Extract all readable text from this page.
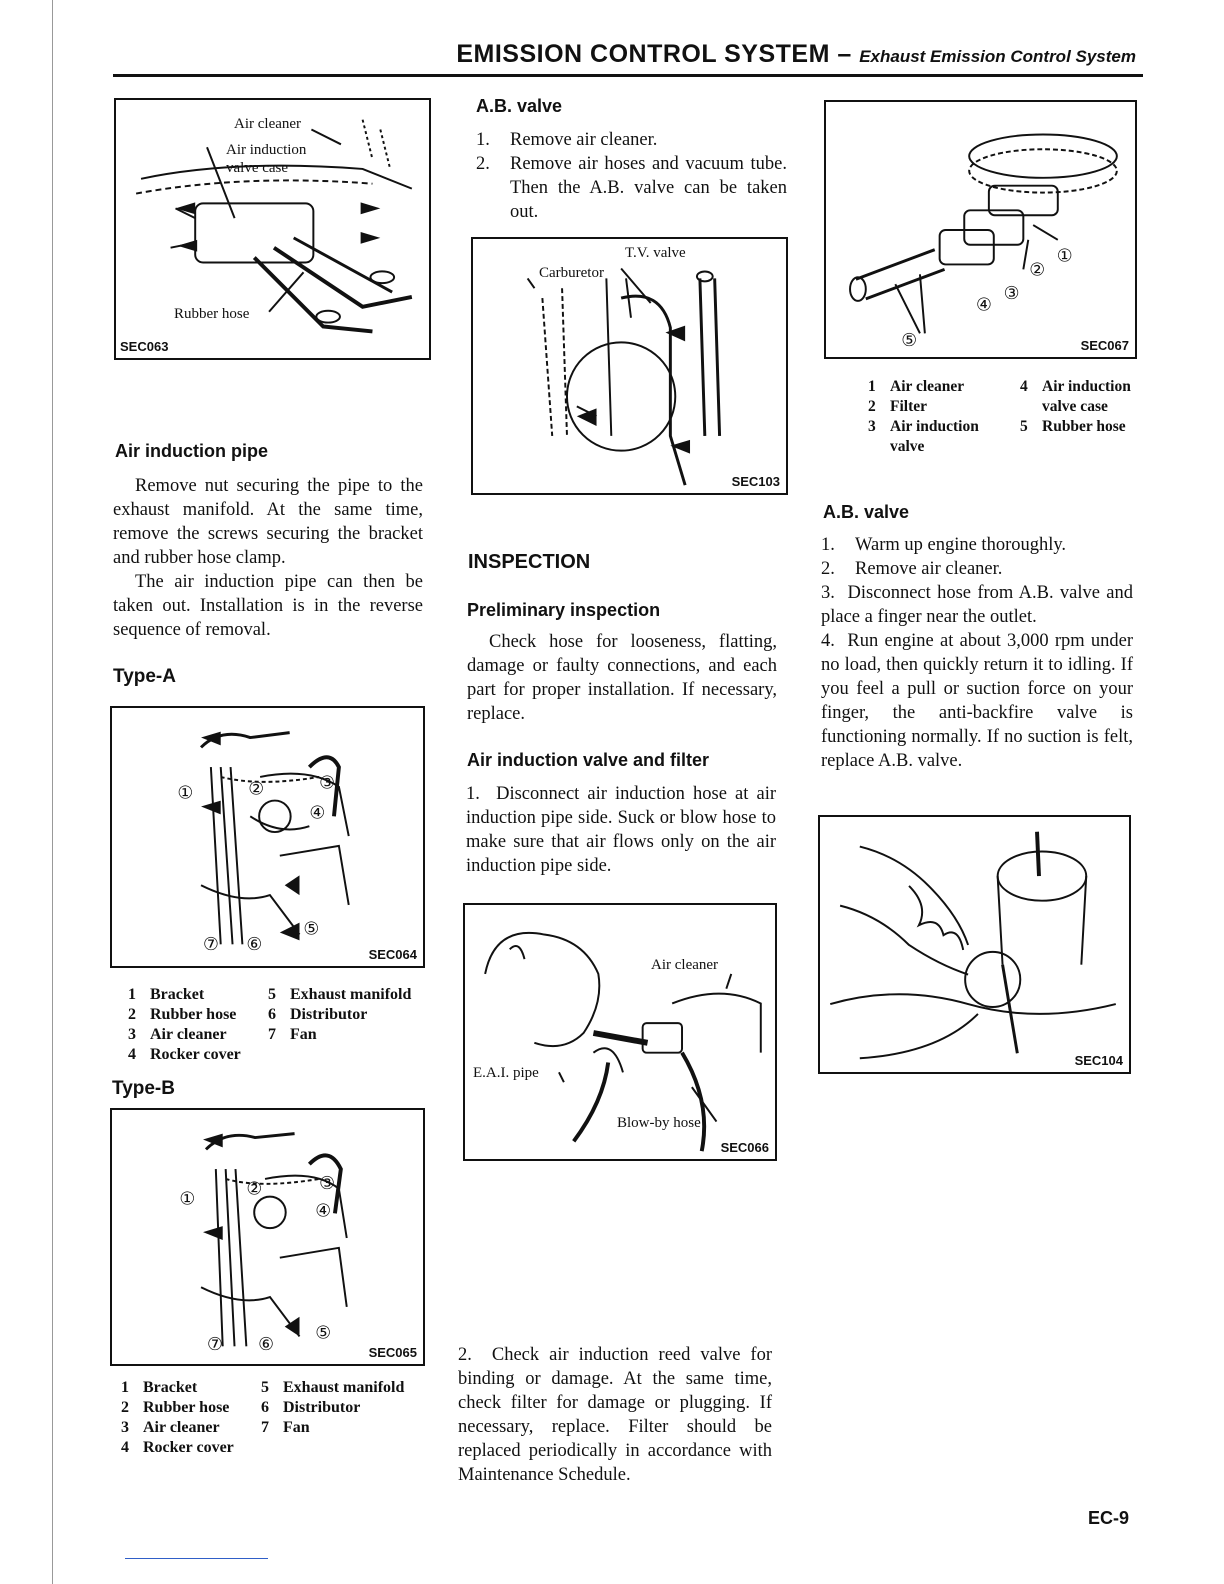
EMISSION CONTROL SYSTEM – Exhaust Emission Control System
Air cleaner
Air induction
valve case
Rubber hose
SEC063
Air induction pipe

Remove nut securing the pipe to the exhaust manifold. At the same time, remove the screws securing the bracket and rubber hose clamp.

The air induction pipe can then be taken out. Installation is in the reverse sequence of removal.

Type-A
①	②	③
④
⑤
⑥
⑦	SEC064
1 Bracket	5 Exhaust manifold
2 Rubber hose	6 Distributor
3 Air cleaner	7 Fan
4 Rocker cover
Type-B
①	②	③
④
⑤
⑥
⑦	SEC065
1 Bracket	5 Exhaust manifold
2 Rubber hose	6 Distributor
3 Air cleaner	7 Fan
4 Rocker cover
A.B. valve
1.	Remove air cleaner.
2.	Remove air hoses and vacuum tube. Then the A.B. valve can be taken out.
T.V. valve
Carburetor
SEC103
INSPECTION
Preliminary inspection

Check hose for looseness, flatting, damage or faulty connections, and each part for proper installation. If necessary, replace.

Air induction valve and filter

1. Disconnect air induction hose at air induction pipe side. Suck or blow hose to make sure that air flows only on the air induction pipe side.

Air cleaner
E.A.I. pipe
Blow-by hose
SEC066

2. Check air induction reed valve for binding or damage. At the same time, check filter for damage or plugging. If necessary, replace. Filter should be replaced periodically in accordance with Maintenance Schedule.

①
②
③
④
⑤	SEC067
1 Air cleaner	4 Air induction
valve case
2 Filter
3 Air induction	5 Rubber hose
valve
A.B. valve
1.	Warm up engine thoroughly.
2.	Remove air cleaner.

3. Disconnect hose from A.B. valve and place a finger near the outlet.

4. Run engine at about 3,000 rpm under no load, then quickly return it to idling. If you feel a pull or suction force on your finger, the anti-backfire valve is functioning normally. If no suction is felt, replace A.B. valve.

SEC104
EC-9
